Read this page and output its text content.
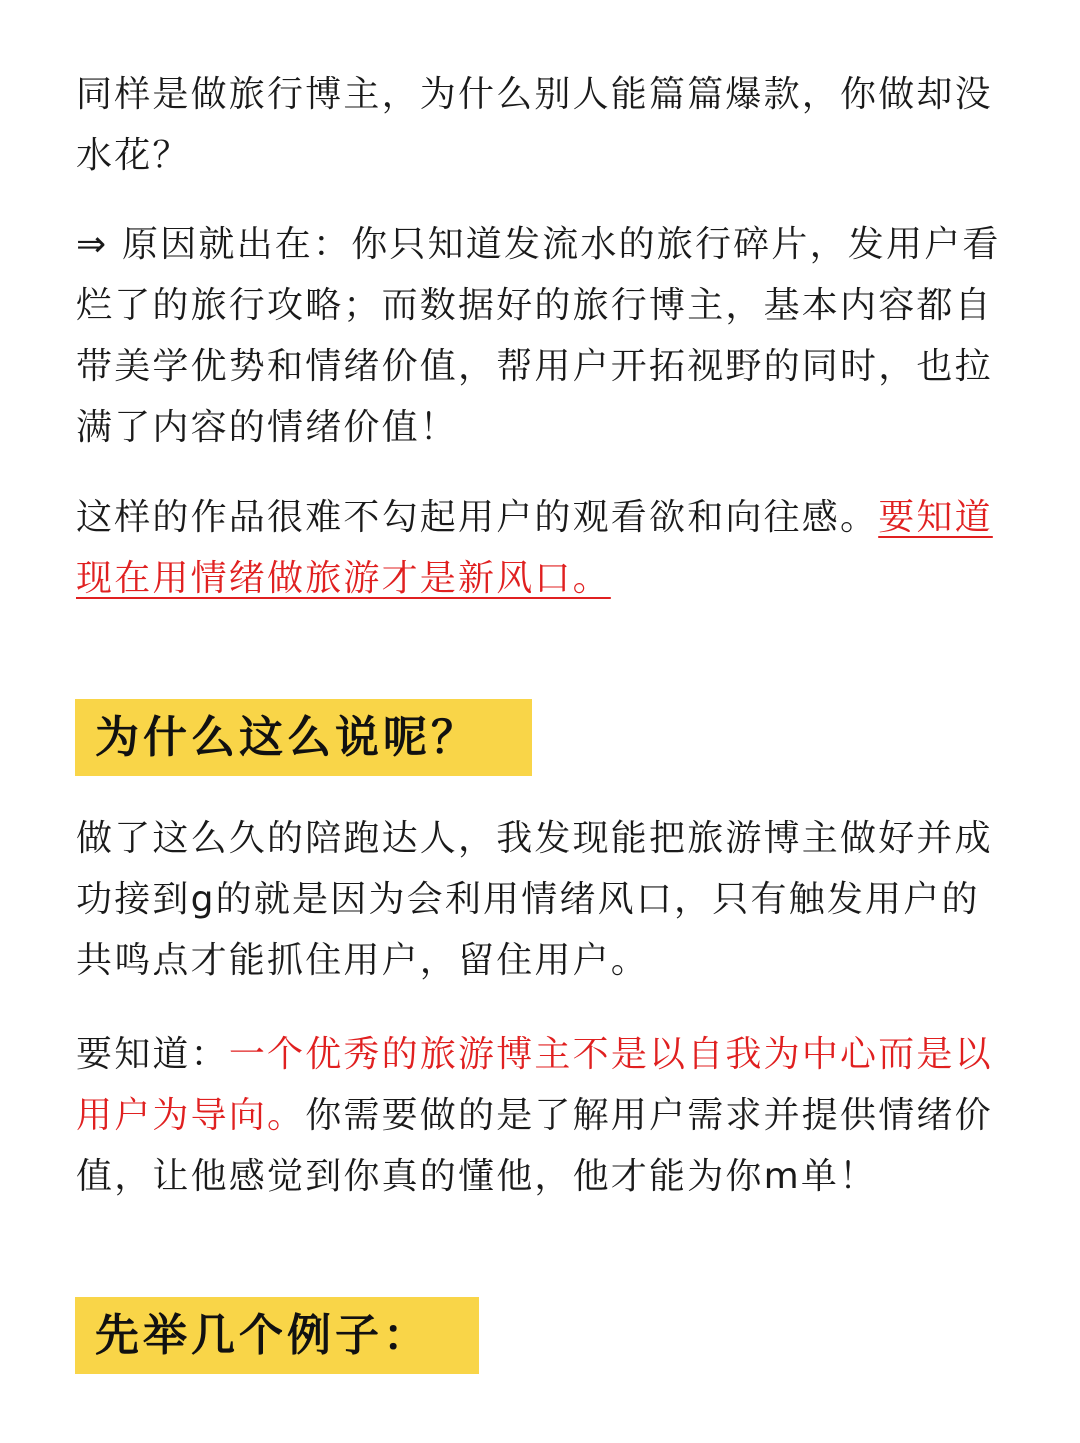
同样是做旅行博主，为什么别人能篇篇爆款，你做却没水花？

⇒ 原因就出在：你只知道发流水的旅行碎片，发用户看烂了的旅行攻略；而数据好的旅行博主，基本内容都自带美学优势和情绪价值，帮用户开拓视野的同时，也拉满了内容的情绪价值！

这样的作品很难不勾起用户的观看欲和向往感。要知道现在用情绪做旅游才是新风口。

为什么这么说呢？

做了这么久的陪跑达人，我发现能把旅游博主做好并成功接到g的就是因为会利用情绪风口，只有触发用户的共鸣点才能抓住用户，留住用户。

要知道：一个优秀的旅游博主不是以自我为中心而是以用户为导向。你需要做的是了解用户需求并提供情绪价值，让他感觉到你真的懂他，他才能为你m单！

先举几个例子：
